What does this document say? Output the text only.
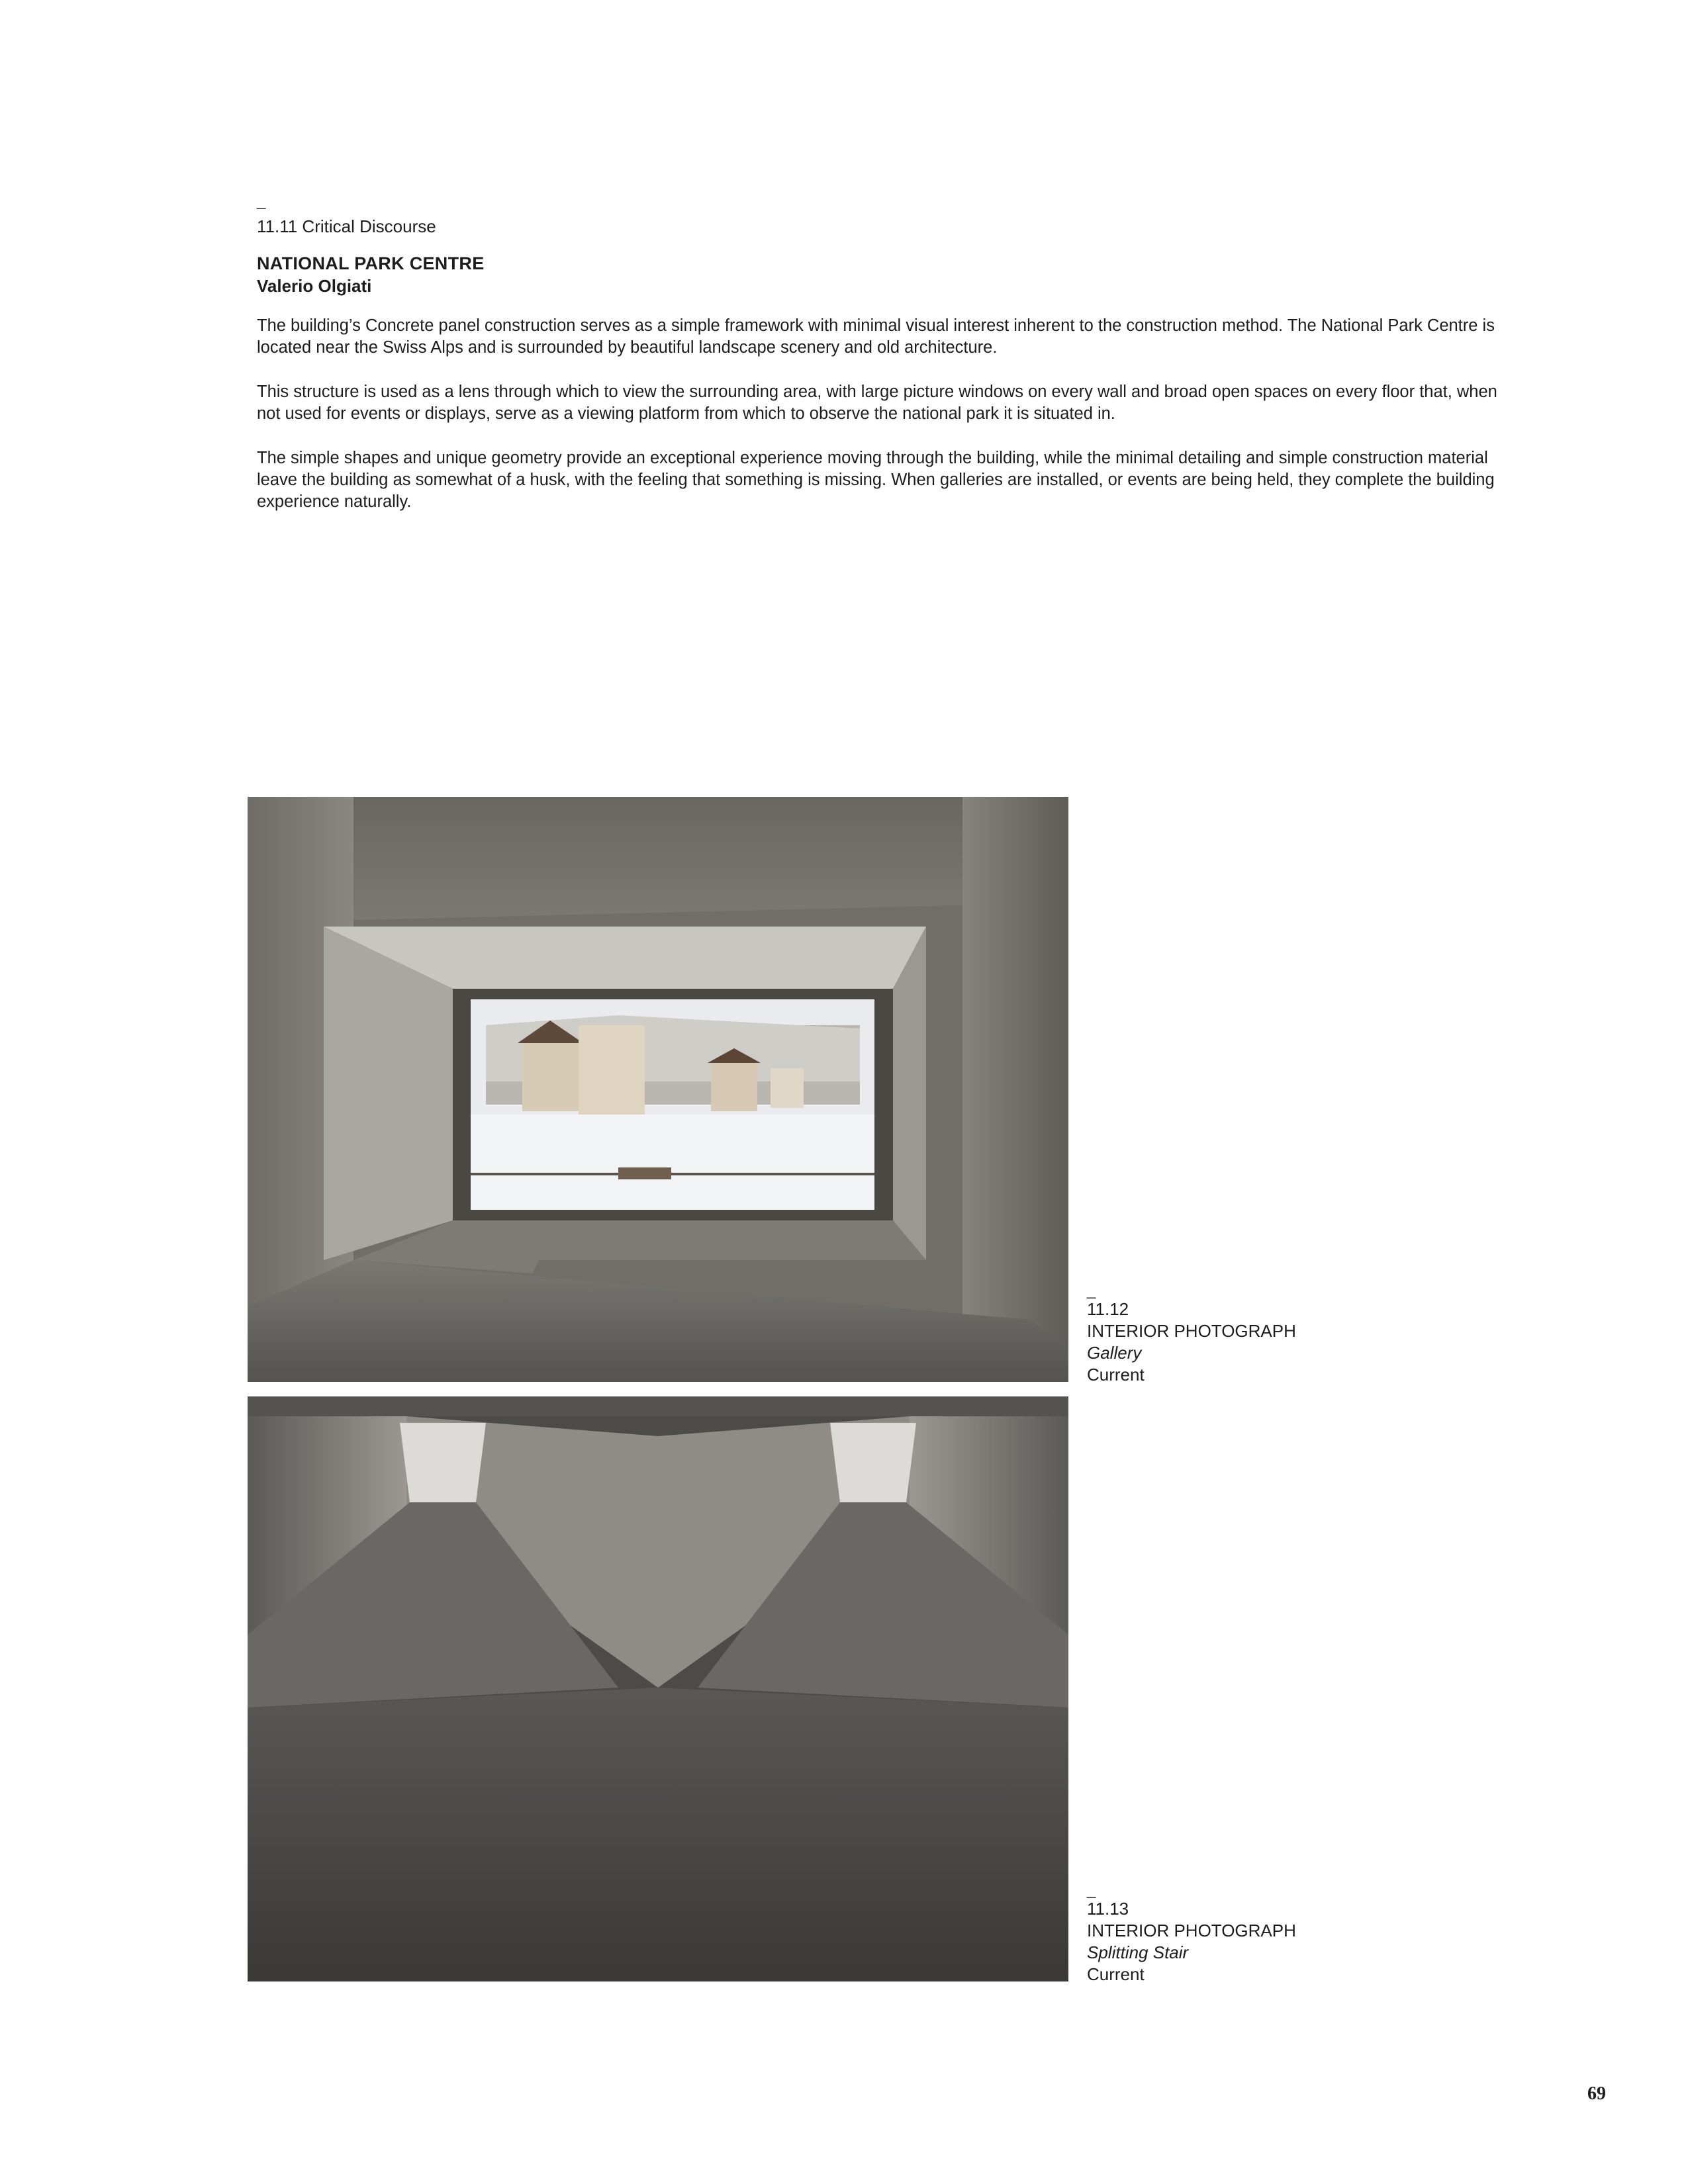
_
11.11 Critical Discourse
NATIONAL PARK CENTRE
Valerio Olgiati

The building’s Concrete panel construction serves as a simple framework with minimal visual interest inherent to the construction method. The National Park Centre is located near the Swiss Alps and is surrounded by beautiful landscape scenery and old architecture.

This structure is used as a lens through which to view the surrounding area, with large picture windows on every wall and broad open spaces on every floor that, when not used for events or displays, serve as a viewing platform from which to observe the national park it is situated in.

The simple shapes and unique geometry provide an exceptional experience moving through the building, while the minimal detailing and simple construction material leave the building as somewhat of a husk, with the feeling that something is missing. When galleries are installed, or events are being held, they complete the building experience naturally.

_
11.12
INTERIOR PHOTOGRAPH
Gallery
Current
_
11.13
INTERIOR PHOTOGRAPH
Splitting Stair
Current
69
